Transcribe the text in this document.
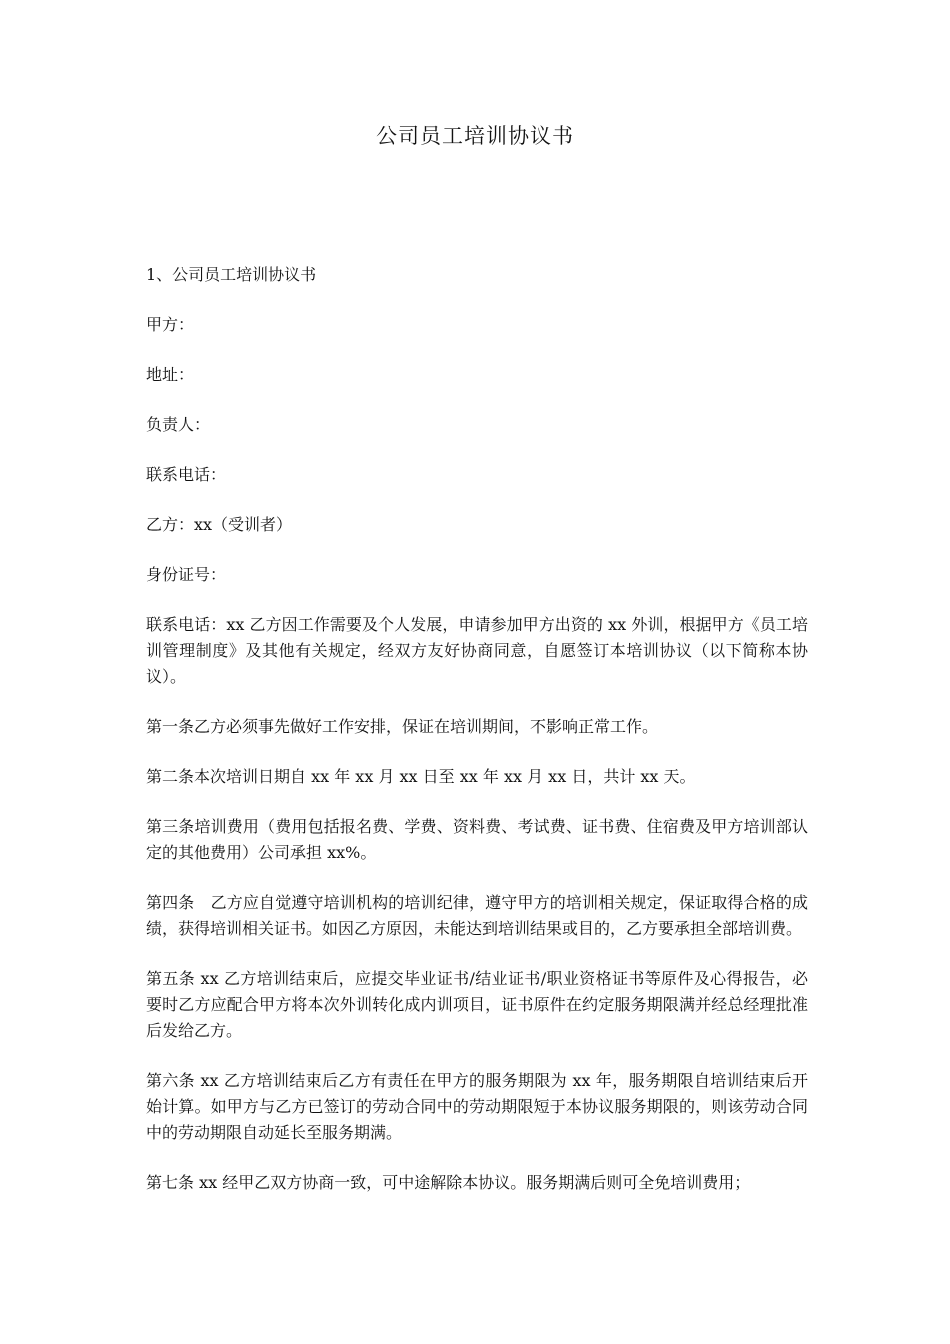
公司员工培训协议书

1、公司员工培训协议书

甲方：

地址：

负责人：

联系电话：

乙方：xx（受训者）

身份证号：

联系电话：xx 乙方因工作需要及个人发展，申请参加甲方出资的 xx 外训，根据甲方《员工培训管理制度》及其他有关规定，经双方友好协商同意，自愿签订本培训协议（以下简称本协议）。

第一条乙方必须事先做好工作安排，保证在培训期间，不影响正常工作。

第二条本次培训日期自 xx 年 xx 月 xx 日至 xx 年 xx 月 xx 日，共计 xx 天。

第三条培训费用（费用包括报名费、学费、资料费、考试费、证书费、住宿费及甲方培训部认定的其他费用）公司承担 xx%。

第四条　乙方应自觉遵守培训机构的培训纪律，遵守甲方的培训相关规定，保证取得合格的成绩，获得培训相关证书。如因乙方原因，未能达到培训结果或目的，乙方要承担全部培训费。

第五条 xx 乙方培训结束后，应提交毕业证书/结业证书/职业资格证书等原件及心得报告，必要时乙方应配合甲方将本次外训转化成内训项目，证书原件在约定服务期限满并经总经理批准后发给乙方。

第六条 xx 乙方培训结束后乙方有责任在甲方的服务期限为 xx 年，服务期限自培训结束后开始计算。如甲方与乙方已签订的劳动合同中的劳动期限短于本协议服务期限的，则该劳动合同中的劳动期限自动延长至服务期满。

第七条 xx 经甲乙双方协商一致，可中途解除本协议。服务期满后则可全免培训费用；
